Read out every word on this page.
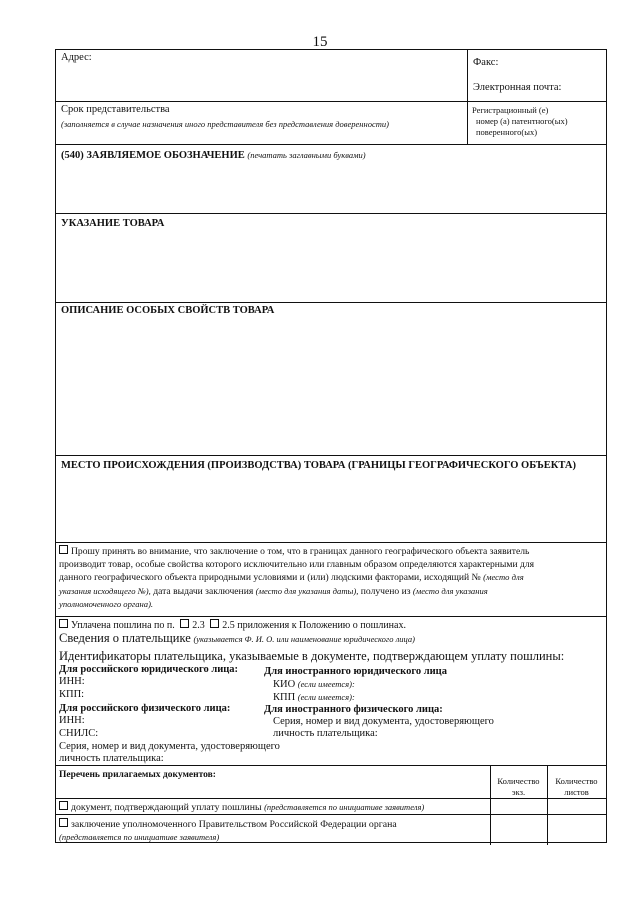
15
Адрес:	Факс:
Электронная почта:
Срок представительства
(заполняется в случае назначения иного представителя без представления доверенности)
Регистрационный (е)
номер (а) патентного(ых)
поверенного(ых)
(540) ЗАЯВЛЯЕМОЕ ОБОЗНАЧЕНИЕ (печатать заглавными буквами)
УКАЗАНИЕ ТОВАРА
ОПИСАНИЕ ОСОБЫХ СВОЙСТВ ТОВАРА
МЕСТО ПРОИСХОЖДЕНИЯ (ПРОИЗВОДСТВА) ТОВАРА (ГРАНИЦЫ ГЕОГРАФИЧЕСКОГО ОБЪЕКТА)
Прошу принять во внимание, что заключение о том, что в границах данного географического объекта заявитель
производит товар, особые свойства которого исключительно или главным образом определяются характерными для
данного географического объекта природными условиями и (или) людскими факторами, исходящий № (место для
указания исходящего №), дата выдачи заключения (место для указания даты), получено из (место для указания
уполномоченного органа).
Уплачена пошлина по п. 2.3 2.5 приложения к Положению о пошлинах.
Сведения о плательщике (указывается Ф. И. О. или наименование юридического лица)
Идентификаторы плательщика, указываемые в документе, подтверждающем уплату пошлины:
Для российского юридического лица:
ИНН:
КПП:
Для российского физического лица:
ИНН:
СНИЛС:
Серия, номер и вид документа, удостоверяющего
личность плательщика:
Для иностранного юридического лица
КИО (если имеется):
КПП (если имеется):
Для иностранного физического лица:
Серия, номер и вид документа, удостоверяющего
личность плательщика:
Перечень прилагаемых документов:
Количество
экз.
Количество
листов
документ, подтверждающий уплату пошлины (представляется по инициативе заявителя)
заключение уполномоченного Правительством Российской Федерации органа
(представляется по инициативе заявителя)
